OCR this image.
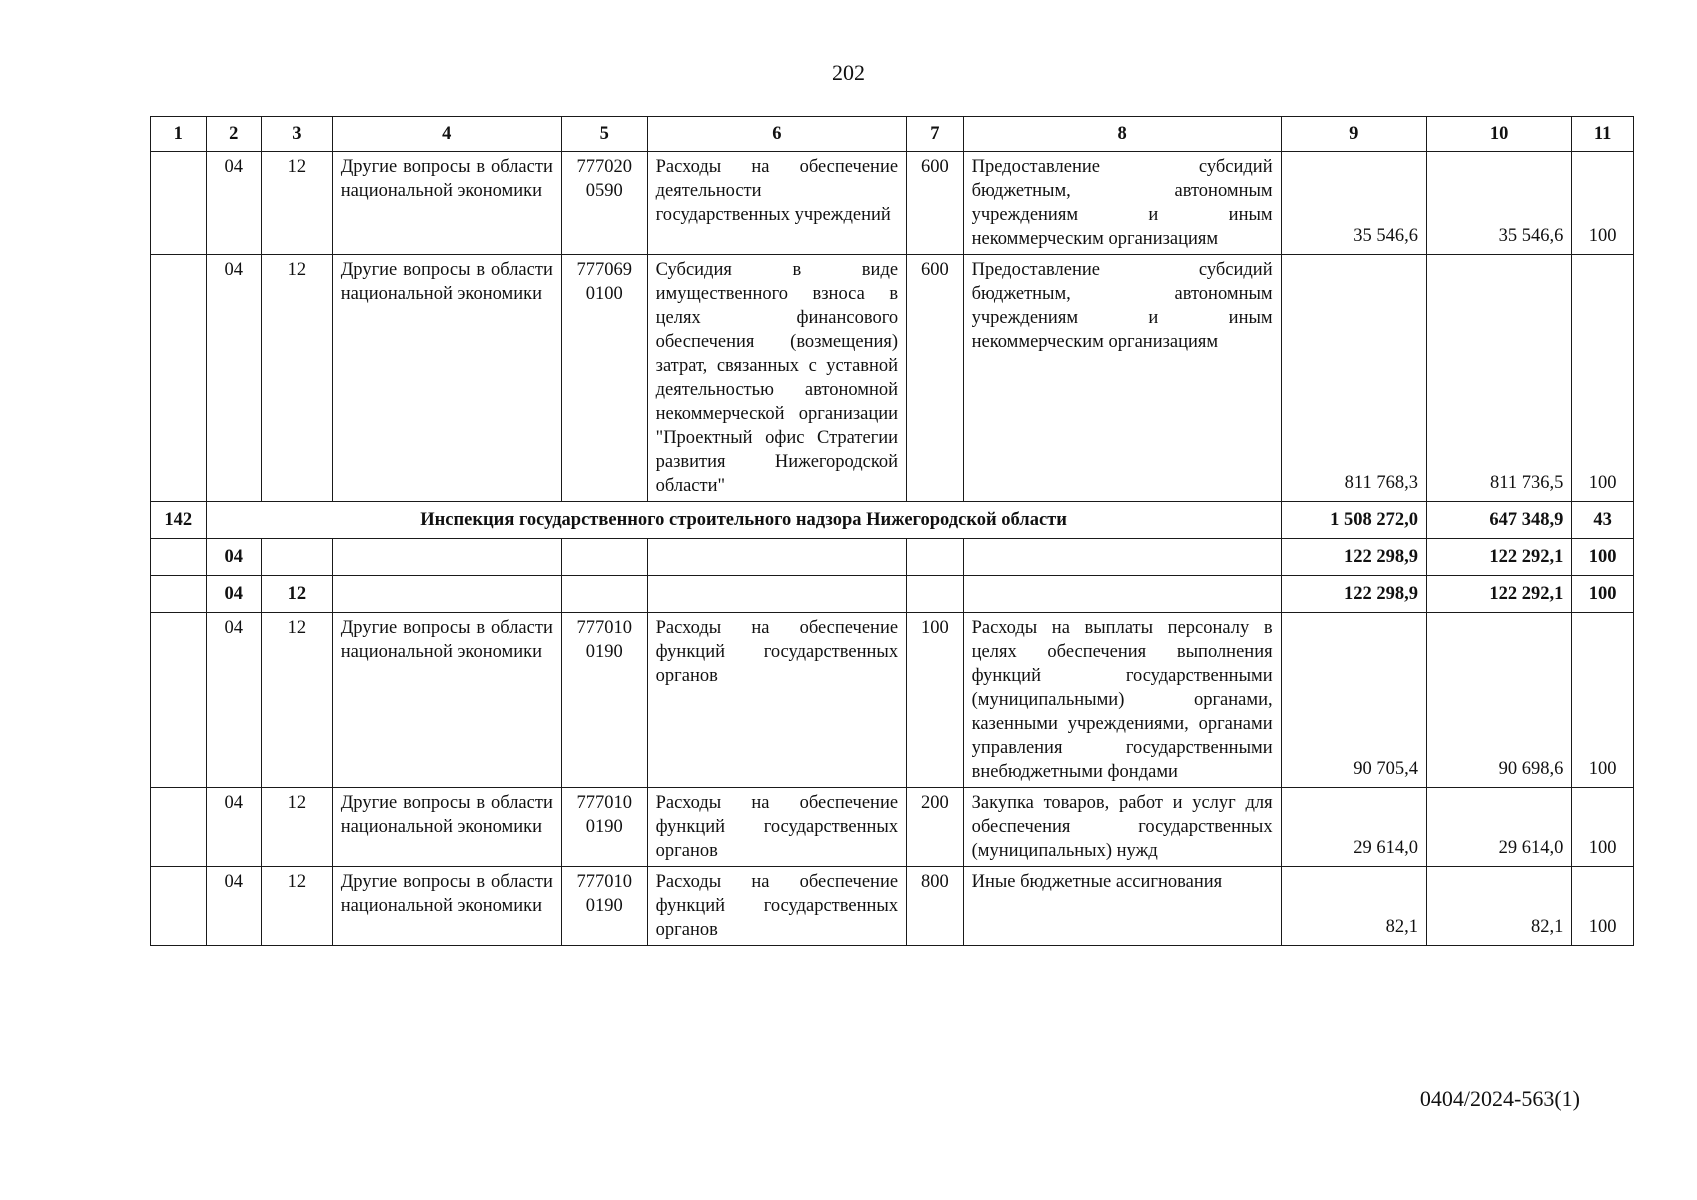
202
1	2	3	4	5	6	7	8	9	10	11
	04	12	Другие вопросы в области национальной экономики	777020 0590	Расходы на обеспечение деятельности государственных учреждений	600	Предоставление субсидий бюджетным, автономным учреждениям и иным некоммерческим организациям	35 546,6	35 546,6	100
	04	12	Другие вопросы в области национальной экономики	777069 0100	Субсидия в виде имущественного взноса в целях финансового обеспечения (возмещения) затрат, связанных с уставной деятельностью автономной некоммерческой организации "Проектный офис Стратегии развития Нижегородской области"	600	Предоставление субсидий бюджетным, автономным учреждениям и иным некоммерческим организациям	811 768,3	811 736,5	100
142	Инспекция государственного строительного надзора Нижегородской области							1 508 272,0	647 348,9	43
	04							122 298,9	122 292,1	100
	04	12						122 298,9	122 292,1	100
	04	12	Другие вопросы в области национальной экономики	777010 0190	Расходы на обеспечение функций государственных органов	100	Расходы на выплаты персоналу в целях обеспечения выполнения функций государственными (муниципальными) органами, казенными учреждениями, органами управления государственными внебюджетными фондами	90 705,4	90 698,6	100
	04	12	Другие вопросы в области национальной экономики	777010 0190	Расходы на обеспечение функций государственных органов	200	Закупка товаров, работ и услуг для обеспечения государственных (муниципальных) нужд	29 614,0	29 614,0	100
	04	12	Другие вопросы в области национальной экономики	777010 0190	Расходы на обеспечение функций государственных органов	800	Иные бюджетные ассигнования	82,1	82,1	100
0404/2024-563(1)
